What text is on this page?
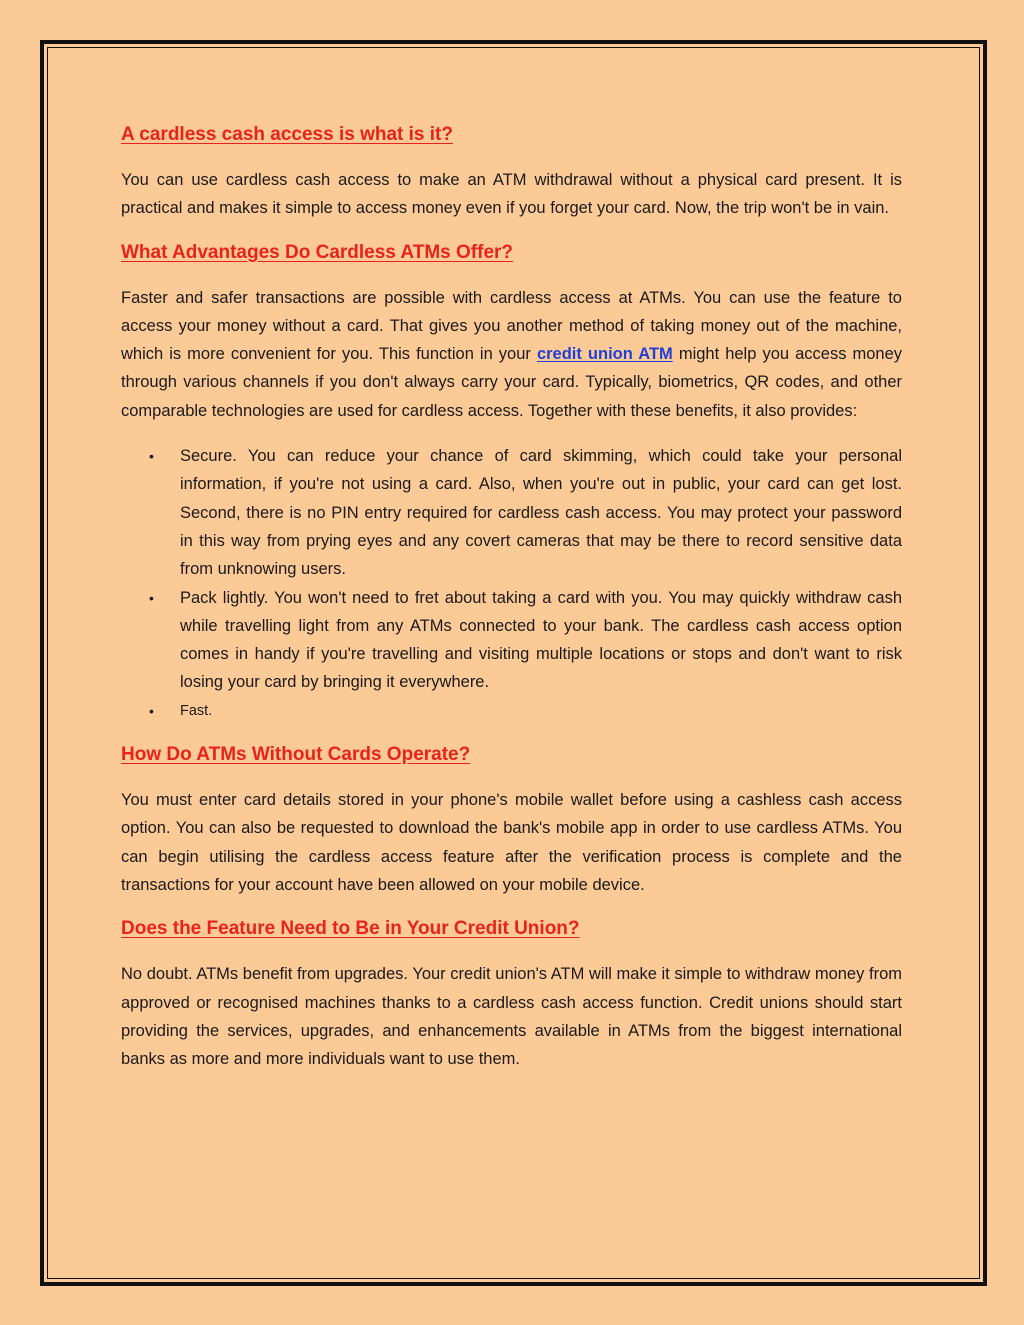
A cardless cash access is what is it?

You can use cardless cash access to make an ATM withdrawal without a physical card present. It is practical and makes it simple to access money even if you forget your card. Now, the trip won't be in vain.

What Advantages Do Cardless ATMs Offer?

Faster and safer transactions are possible with cardless access at ATMs. You can use the feature to access your money without a card. That gives you another method of taking money out of the machine, which is more convenient for you. This function in your credit union ATM might help you access money through various channels if you don't always carry your card. Typically, biometrics, QR codes, and other comparable technologies are used for cardless access. Together with these benefits, it also provides:

• Secure. You can reduce your chance of card skimming, which could take your personal information, if you're not using a card. Also, when you're out in public, your card can get lost. Second, there is no PIN entry required for cardless cash access. You may protect your password in this way from prying eyes and any covert cameras that may be there to record sensitive data from unknowing users.
• Pack lightly. You won't need to fret about taking a card with you. You may quickly withdraw cash while travelling light from any ATMs connected to your bank. The cardless cash access option comes in handy if you're travelling and visiting multiple locations or stops and don't want to risk losing your card by bringing it everywhere.
• Fast.
How Do ATMs Without Cards Operate?

You must enter card details stored in your phone's mobile wallet before using a cashless cash access option. You can also be requested to download the bank's mobile app in order to use cardless ATMs. You can begin utilising the cardless access feature after the verification process is complete and the transactions for your account have been allowed on your mobile device.

Does the Feature Need to Be in Your Credit Union?

No doubt. ATMs benefit from upgrades. Your credit union's ATM will make it simple to withdraw money from approved or recognised machines thanks to a cardless cash access function. Credit unions should start providing the services, upgrades, and enhancements available in ATMs from the biggest international banks as more and more individuals want to use them.
